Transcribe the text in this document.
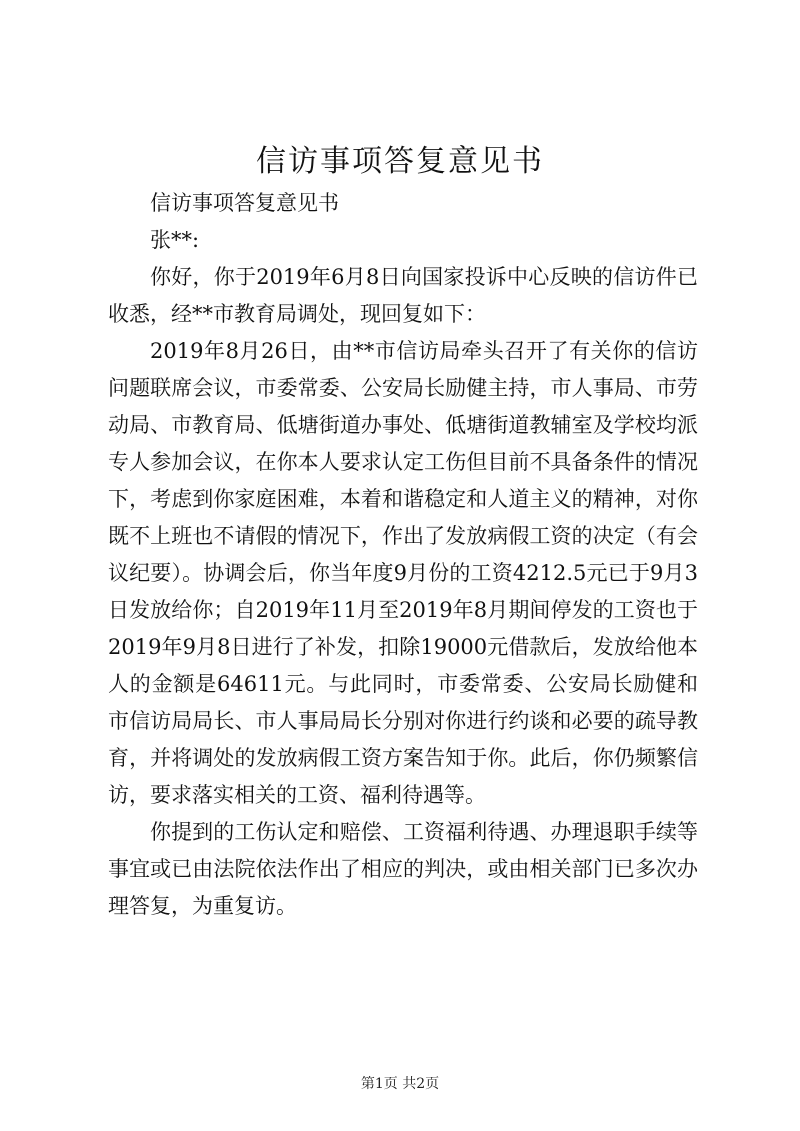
信访事项答复意见书

信访事项答复意见书

张**:

你好，你于2019年6月8日向国家投诉中心反映的信访件已收悉，经**市教育局调处，现回复如下：

2019年8月26日，由**市信访局牵头召开了有关你的信访问题联席会议，市委常委、公安局长励健主持，市人事局、市劳动局、市教育局、低塘街道办事处、低塘街道教辅室及学校均派专人参加会议，在你本人要求认定工伤但目前不具备条件的情况下，考虑到你家庭困难，本着和谐稳定和人道主义的精神，对你既不上班也不请假的情况下，作出了发放病假工资的决定（有会议纪要）。协调会后，你当年度9月份的工资4212.5元已于9月3日发放给你；自2019年11月至2019年8月期间停发的工资也于2019年9月8日进行了补发，扣除19000元借款后，发放给他本人的金额是64611元。与此同时，市委常委、公安局长励健和市信访局局长、市人事局局长分别对你进行约谈和必要的疏导教育，并将调处的发放病假工资方案告知于你。此后，你仍频繁信访，要求落实相关的工资、福利待遇等。

你提到的工伤认定和赔偿、工资福利待遇、办理退职手续等事宜或已由法院依法作出了相应的判决，或由相关部门已多次办理答复，为重复访。

第1页 共2页
